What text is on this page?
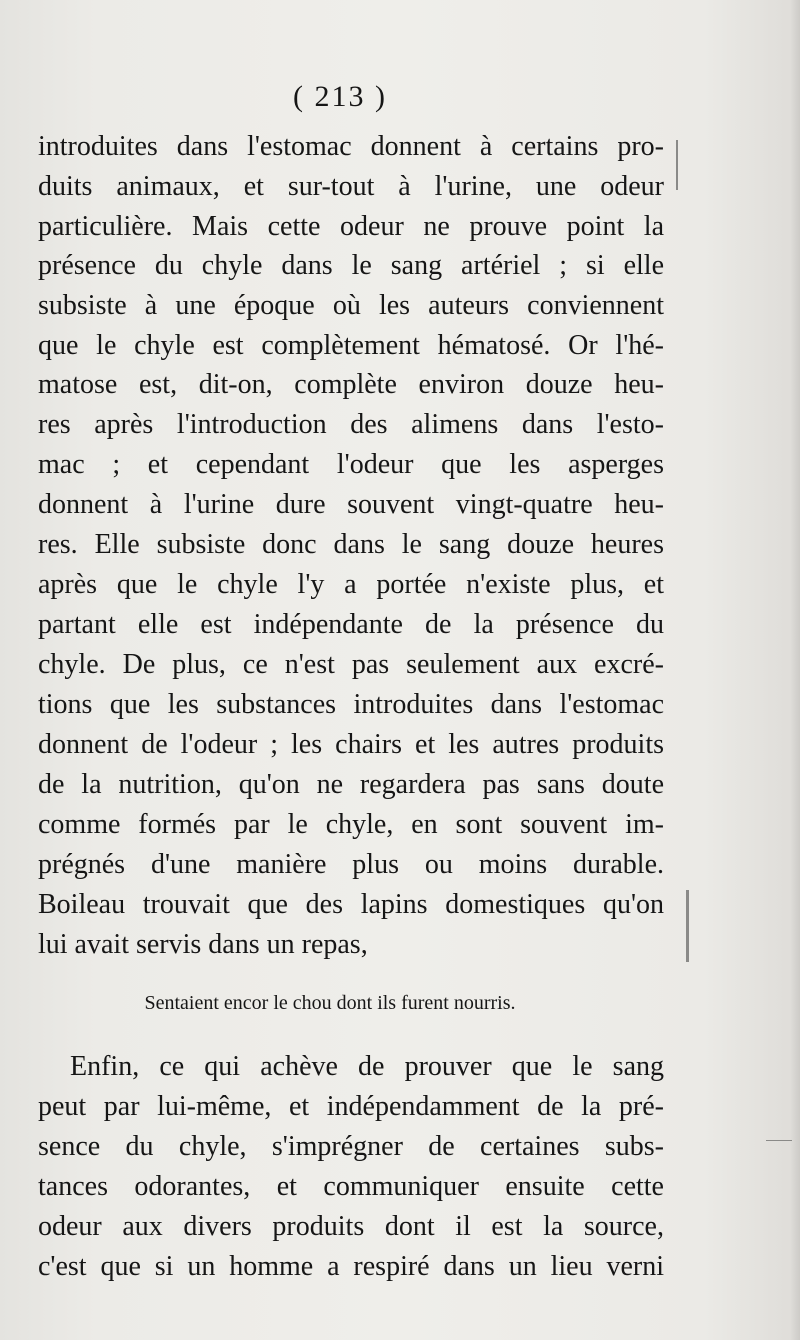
( 213 )
introduites dans l'estomac donnent à certains pro-
duits animaux, et sur-tout à l'urine, une odeur
particulière. Mais cette odeur ne prouve point la
présence du chyle dans le sang artériel ; si elle
subsiste à une époque où les auteurs conviennent
que le chyle est complètement hématosé. Or l'hé-
matose est, dit-on, complète environ douze heu-
res après l'introduction des alimens dans l'esto-
mac ; et cependant l'odeur que les asperges
donnent à l'urine dure souvent vingt-quatre heu-
res. Elle subsiste donc dans le sang douze heures
après que le chyle l'y a portée n'existe plus, et
partant elle est indépendante de la présence du
chyle. De plus, ce n'est pas seulement aux excré-
tions que les substances introduites dans l'estomac
donnent de l'odeur ; les chairs et les autres produits
de la nutrition, qu'on ne regardera pas sans doute
comme formés par le chyle, en sont souvent im-
prégnés d'une manière plus ou moins durable.
Boileau trouvait que des lapins domestiques qu'on
lui avait servis dans un repas,
Sentaient encor le chou dont ils furent nourris.
Enfin, ce qui achève de prouver que le sang
peut par lui-même, et indépendamment de la pré-
sence du chyle, s'imprégner de certaines subs-
tances odorantes, et communiquer ensuite cette
odeur aux divers produits dont il est la source,
c'est que si un homme a respiré dans un lieu verni
